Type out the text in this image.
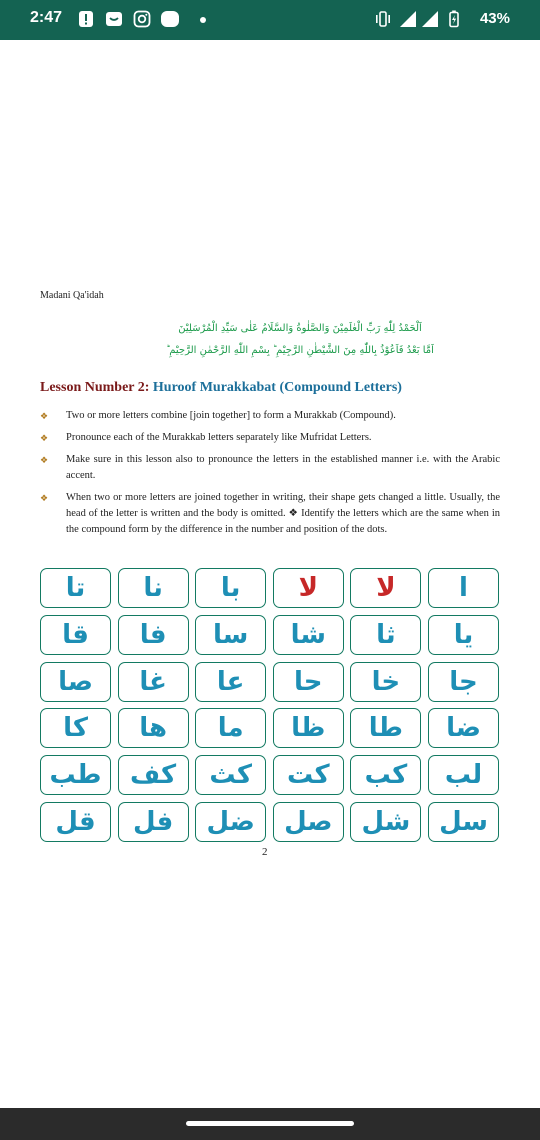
2:47	43%
Madani Qa'idah
اَلْحَمْدُ لِلّٰهِ رَبِّ الْعٰلَمِیْنَ وَالصَّلٰوةُ وَالسَّلَامُ عَلٰی سَیِّدِ الْمُرْسَلِیْنَ
اَمَّا بَعْدُ فَاَعُوْذُ بِاللّٰهِ مِنَ الشَّیْطٰنِ الرَّجِیْمِ ؕ بِسْمِ اللّٰهِ الرَّحْمٰنِ الرَّحِیْمِ ؕ
Lesson Number 2: Huroof Murakkabat (Compound Letters)
❖ Two or more letters combine [join together] to form a Murakkab (Compound).
❖ Pronounce each of the Murakkab letters separately like Mufridat Letters.
❖ Make sure in this lesson also to pronounce the letters in the established manner i.e. with the Arabic accent.
❖ When two or more letters are joined together in writing, their shape gets changed a little. Usually, the head of the letter is written and the body is omitted. ❖ Identify the letters which are the same when in the compound form by the difference in the number and position of the dots.
ا
لا
لا
با
نا
تا
یا
ثا
شا
سا
فا
قا
جا
خا
حا
عا
غا
صا
ضا
طا
ظا
ما
ھا
کا
لب
کب
کت
کث
کف
طب
سل
شل
صل
ضل
فل
قل
2
